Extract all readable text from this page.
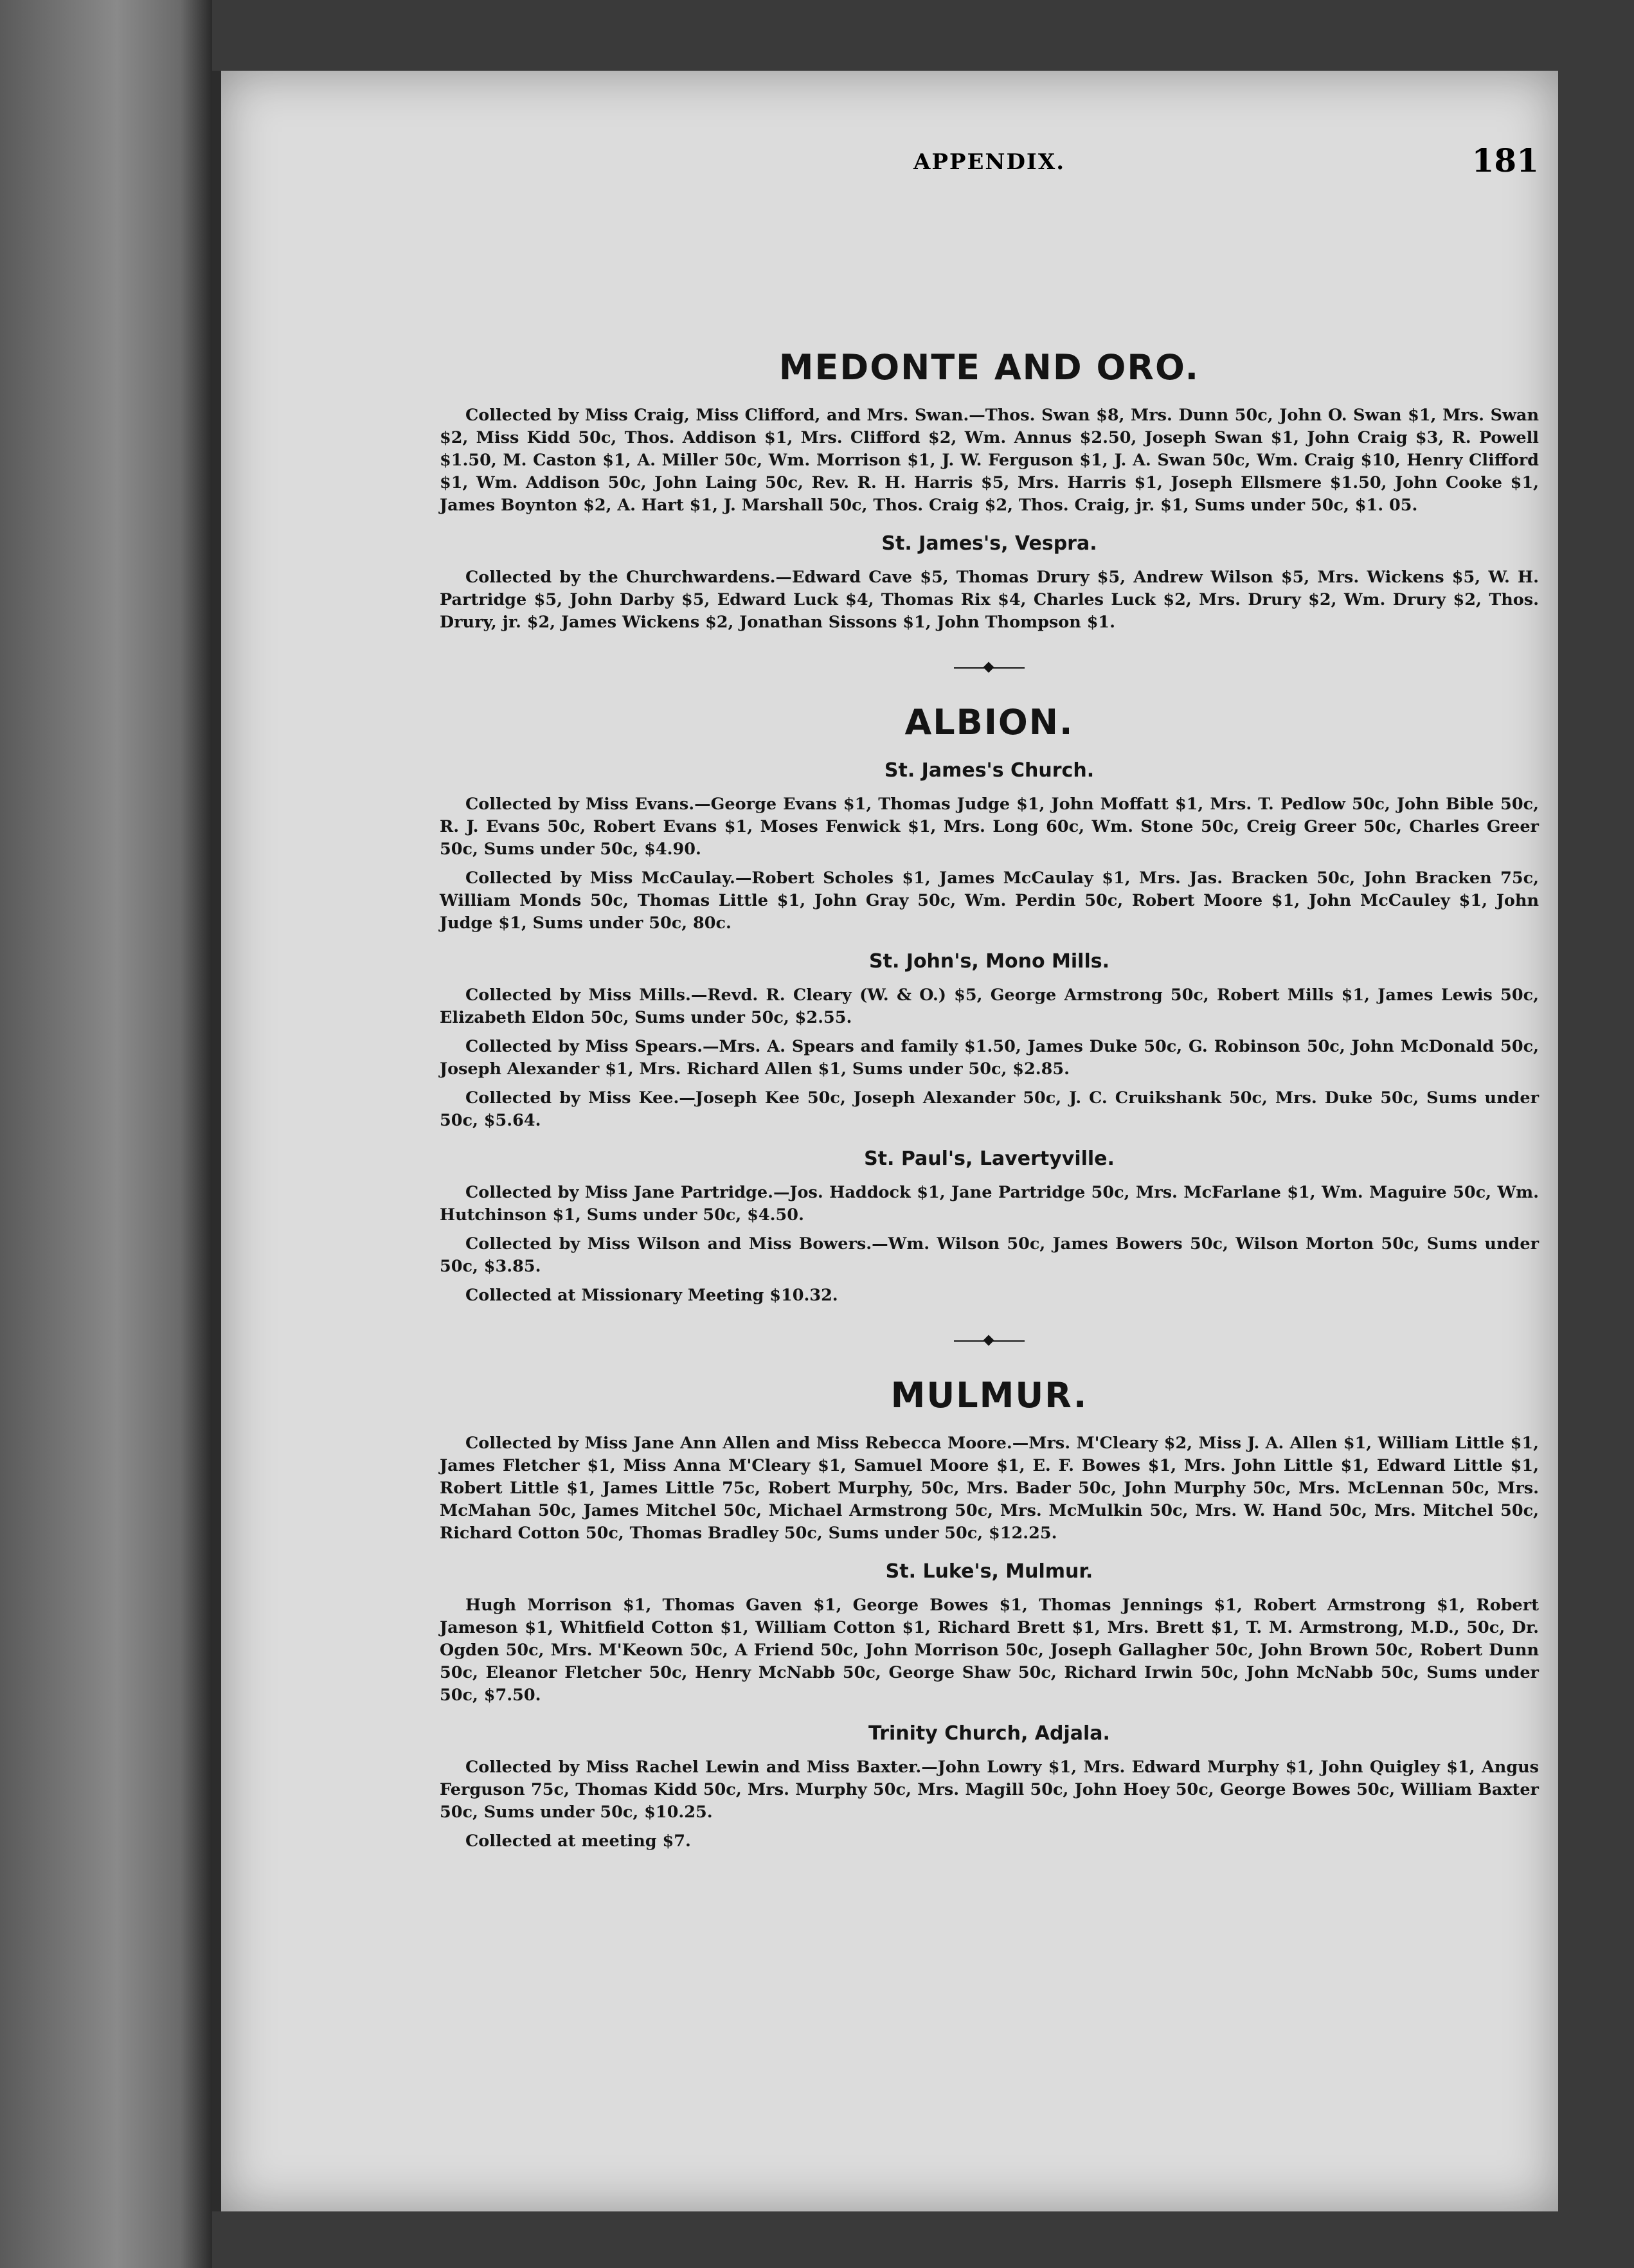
APPENDIX.	181
MEDONTE AND ORO.
Collected by Miss Craig, Miss Clifford, and Mrs. Swan.—Thos. Swan $8, Mrs. Dunn 50c, John O. Swan $1, Mrs. Swan $2, Miss Kidd 50c, Thos. Addison $1, Mrs. Clifford $2, Wm. Annus $2.50, Joseph Swan $1, John Craig $3, R. Powell $1.50, M. Caston $1, A. Miller 50c, Wm. Morrison $1, J. W. Ferguson $1, J. A. Swan 50c, Wm. Craig $10, Henry Clifford $1, Wm. Addison 50c, John Laing 50c, Rev. R. H. Harris $5, Mrs. Harris $1, Joseph Ellsmere $1.50, John Cooke $1, James Boynton $2, A. Hart $1, J. Marshall 50c, Thos. Craig $2, Thos. Craig, jr. $1, Sums under 50c, $1. 05.
St. James's, Vespra.
Collected by the Churchwardens.—Edward Cave $5, Thomas Drury $5, Andrew Wilson $5, Mrs. Wickens $5, W. H. Partridge $5, John Darby $5, Edward Luck $4, Thomas Rix $4, Charles Luck $2, Mrs. Drury $2, Wm. Drury $2, Thos. Drury, jr. $2, James Wickens $2, Jonathan Sissons $1, John Thompson $1.
ALBION.
St. James's Church.
Collected by Miss Evans.—George Evans $1, Thomas Judge $1, John Moffatt $1, Mrs. T. Pedlow 50c, John Bible 50c, R. J. Evans 50c, Robert Evans $1, Moses Fenwick $1, Mrs. Long 60c, Wm. Stone 50c, Creig Greer 50c, Charles Greer 50c, Sums under 50c, $4.90.
Collected by Miss McCaulay.—Robert Scholes $1, James McCaulay $1, Mrs. Jas. Bracken 50c, John Bracken 75c, William Monds 50c, Thomas Little $1, John Gray 50c, Wm. Perdin 50c, Robert Moore $1, John McCauley $1, John Judge $1, Sums under 50c, 80c.
St. John's, Mono Mills.
Collected by Miss Mills.—Revd. R. Cleary (W. & O.) $5, George Armstrong 50c, Robert Mills $1, James Lewis 50c, Elizabeth Eldon 50c, Sums under 50c, $2.55.
Collected by Miss Spears.—Mrs. A. Spears and family $1.50, James Duke 50c, G. Robinson 50c, John McDonald 50c, Joseph Alexander $1, Mrs. Richard Allen $1, Sums under 50c, $2.85.
Collected by Miss Kee.—Joseph Kee 50c, Joseph Alexander 50c, J. C. Cruikshank 50c, Mrs. Duke 50c, Sums under 50c, $5.64.
St. Paul's, Lavertyville.
Collected by Miss Jane Partridge.—Jos. Haddock $1, Jane Partridge 50c, Mrs. McFarlane $1, Wm. Maguire 50c, Wm. Hutchinson $1, Sums under 50c, $4.50.
Collected by Miss Wilson and Miss Bowers.—Wm. Wilson 50c, James Bowers 50c, Wilson Morton 50c, Sums under 50c, $3.85.
Collected at Missionary Meeting $10.32.
MULMUR.
Collected by Miss Jane Ann Allen and Miss Rebecca Moore.—Mrs. M'Cleary $2, Miss J. A. Allen $1, William Little $1, James Fletcher $1, Miss Anna M'Cleary $1, Samuel Moore $1, E. F. Bowes $1, Mrs. John Little $1, Edward Little $1, Robert Little $1, James Little 75c, Robert Murphy, 50c, Mrs. Bader 50c, John Murphy 50c, Mrs. McLennan 50c, Mrs. McMahan 50c, James Mitchel 50c, Michael Armstrong 50c, Mrs. McMulkin 50c, Mrs. W. Hand 50c, Mrs. Mitchel 50c, Richard Cotton 50c, Thomas Bradley 50c, Sums under 50c, $12.25.
St. Luke's, Mulmur.
Hugh Morrison $1, Thomas Gaven $1, George Bowes $1, Thomas Jennings $1, Robert Armstrong $1, Robert Jameson $1, Whitfield Cotton $1, William Cotton $1, Richard Brett $1, Mrs. Brett $1, T. M. Armstrong, M.D., 50c, Dr. Ogden 50c, Mrs. M'Keown 50c, A Friend 50c, John Morrison 50c, Joseph Gallagher 50c, John Brown 50c, Robert Dunn 50c, Eleanor Fletcher 50c, Henry McNabb 50c, George Shaw 50c, Richard Irwin 50c, John McNabb 50c, Sums under 50c, $7.50.
Trinity Church, Adjala.
Collected by Miss Rachel Lewin and Miss Baxter.—John Lowry $1, Mrs. Edward Murphy $1, John Quigley $1, Angus Ferguson 75c, Thomas Kidd 50c, Mrs. Murphy 50c, Mrs. Magill 50c, John Hoey 50c, George Bowes 50c, William Baxter 50c, Sums under 50c, $10.25.
Collected at meeting $7.
